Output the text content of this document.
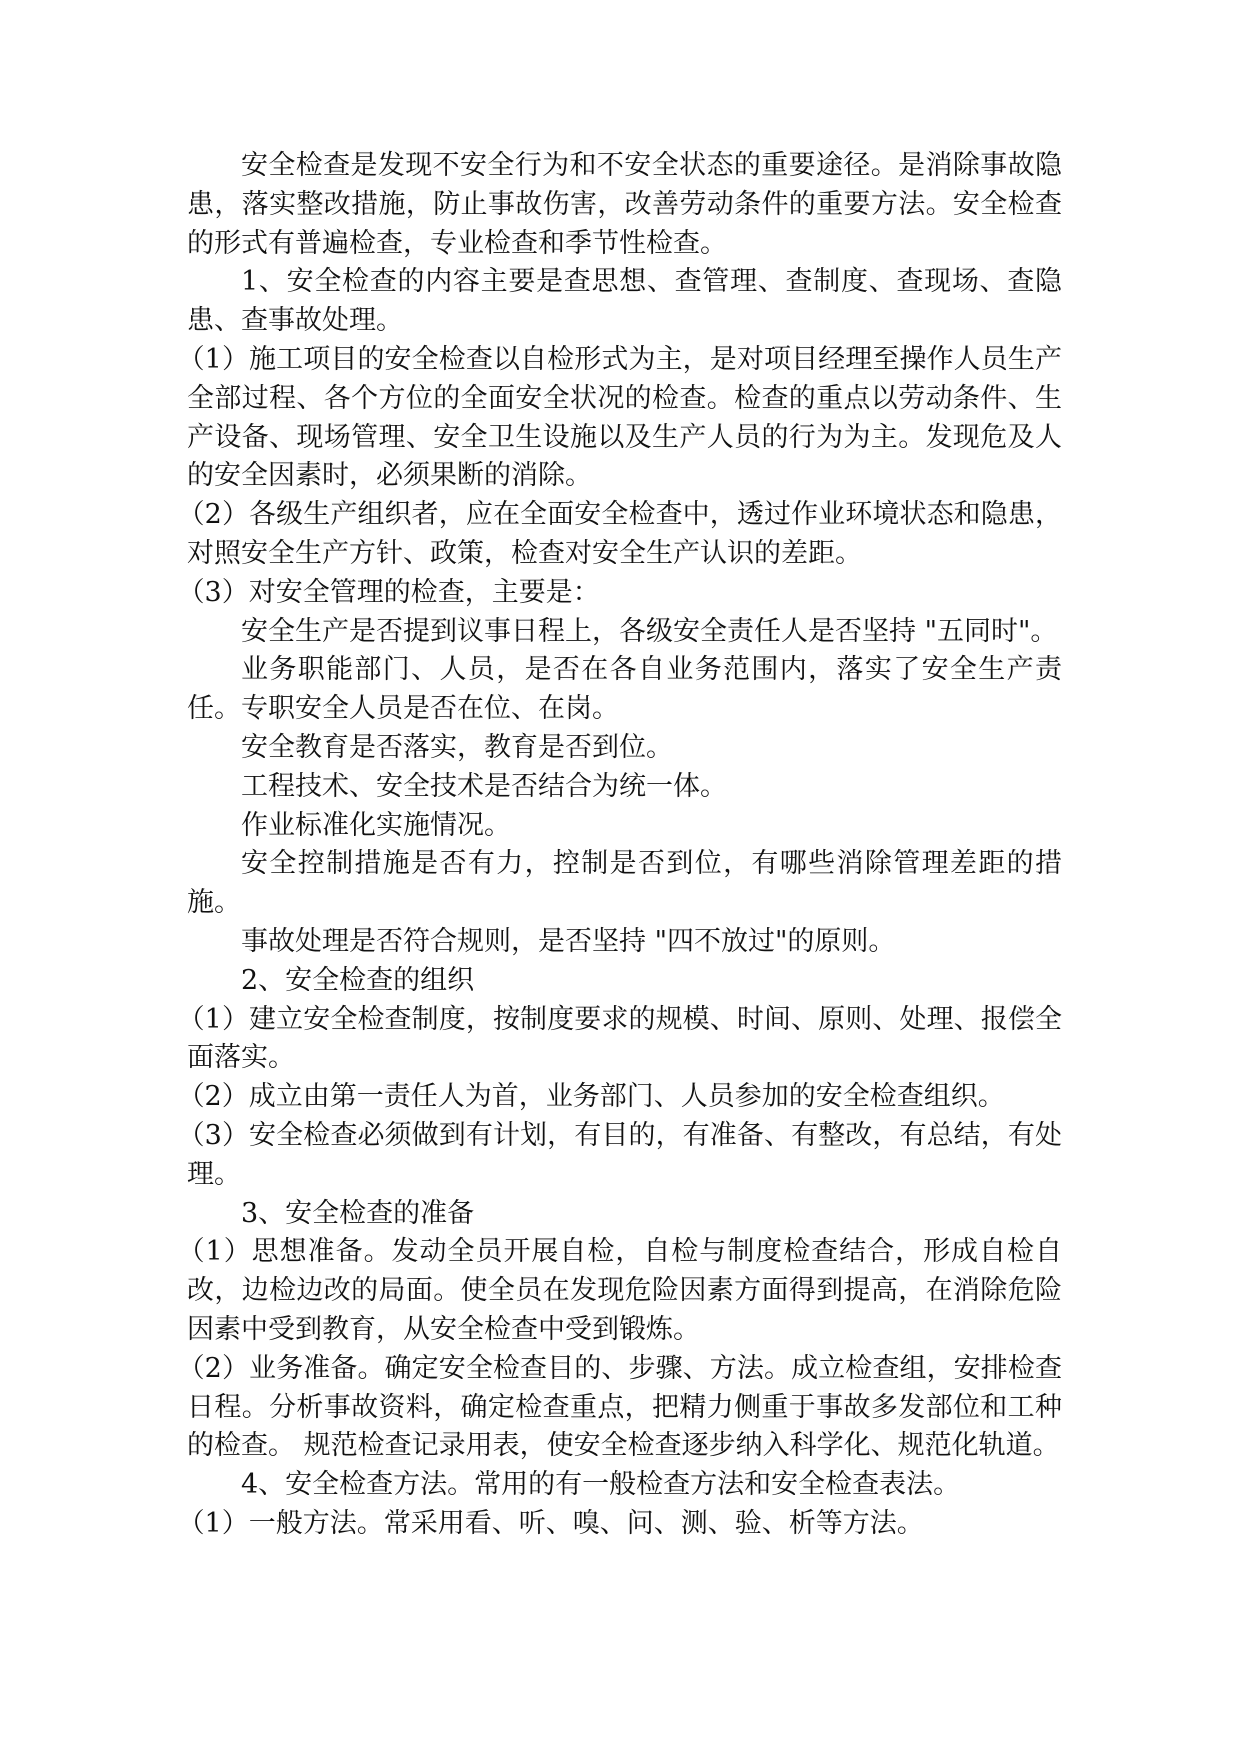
安全检查是发现不安全行为和不安全状态的重要途径。是消除事故隐患，落实整改措施，防止事故伤害，改善劳动条件的重要方法。安全检查的形式有普遍检查，专业检查和季节性检查。

1、安全检查的内容主要是查思想、查管理、查制度、查现场、查隐患、查事故处理。

（1）施工项目的安全检查以自检形式为主，是对项目经理至操作人员生产全部过程、各个方位的全面安全状况的检查。检查的重点以劳动条件、生产设备、现场管理、安全卫生设施以及生产人员的行为为主。发现危及人的安全因素时，必须果断的消除。

（2）各级生产组织者，应在全面安全检查中，透过作业环境状态和隐患，对照安全生产方针、政策，检查对安全生产认识的差距。

（3）对安全管理的检查，主要是：

安全生产是否提到议事日程上，各级安全责任人是否坚持 "五同时"。

业务职能部门、人员，是否在各自业务范围内，落实了安全生产责任。专职安全人员是否在位、在岗。

安全教育是否落实，教育是否到位。

工程技术、安全技术是否结合为统一体。

作业标准化实施情况。

安全控制措施是否有力，控制是否到位，有哪些消除管理差距的措施。

事故处理是否符合规则，是否坚持 "四不放过"的原则。

2、安全检查的组织

（1）建立安全检查制度，按制度要求的规模、时间、原则、处理、报偿全面落实。

（2）成立由第一责任人为首，业务部门、人员参加的安全检查组织。

（3）安全检查必须做到有计划，有目的，有准备、有整改，有总结，有处理。

3、安全检查的准备

（1）思想准备。发动全员开展自检，自检与制度检查结合，形成自检自改，边检边改的局面。使全员在发现危险因素方面得到提高，在消除危险因素中受到教育，从安全检查中受到锻炼。

（2）业务准备。确定安全检查目的、步骤、方法。成立检查组，安排检查日程。分析事故资料，确定检查重点，把精力侧重于事故多发部位和工种的检查。 规范检查记录用表，使安全检查逐步纳入科学化、规范化轨道。

4、安全检查方法。常用的有一般检查方法和安全检查表法。

（1）一般方法。常采用看、听、嗅、问、测、验、析等方法。
